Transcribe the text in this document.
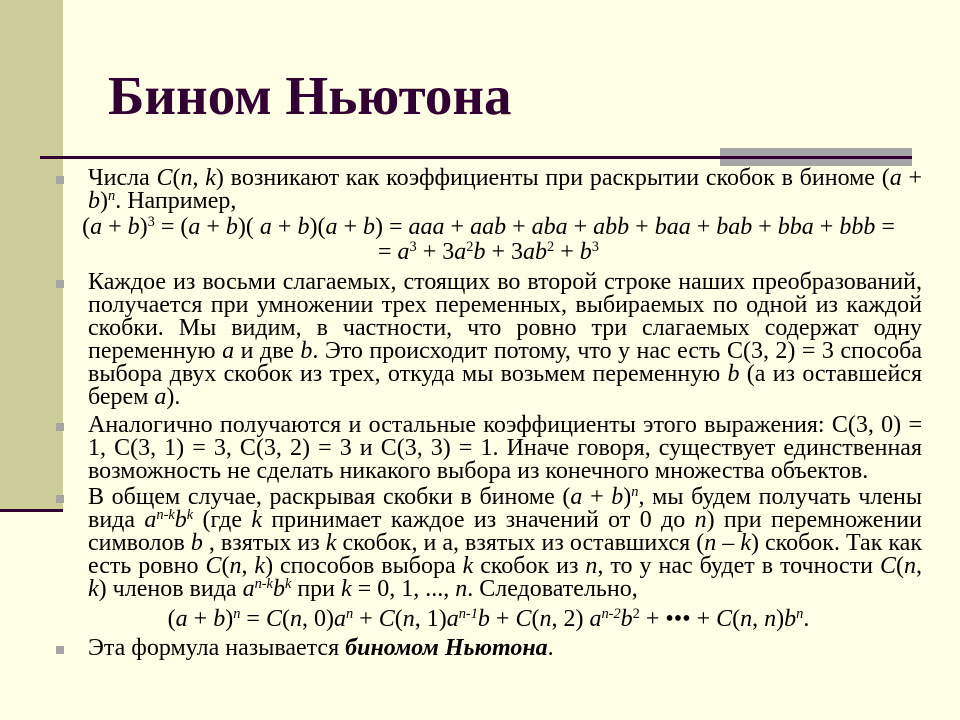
Бином Ньютона
Числа C(n, k) возникают как коэффициенты при раскрытии скобок в биноме $(a + b)^n$. Например,
$(a + b)^3 = (a + b)$( a + b)(a + b) = aaa + aab + aba + abb + baa + bab + bba + bbb =
= $a^3 + 3a^2b + 3ab^2 + b^3$
Каждое из восьми слагаемых, стоящих во второй строке наших преобразований, получается при умножении трех переменных, выбираемых по одной из каждой скобки. Мы видим, в частности, что ровно три слагаемых содержат одну переменную a и две b. Это происходит потому, что у нас есть С(3, 2) = 3 способа выбора двух скобок из трех, откуда мы возьмем переменную b (a из оставшейся берем a).
Аналогично получаются и остальные коэффициенты этого выражения: С(3, 0) = 1, С(3, 1) = 3, С(3, 2) = 3 и С(3, 3) = 1. Иначе говоря, существует единственная возможность не сделать никакого выбора из конечного множества объектов.
В общем случае, раскрывая скобки в биноме $(a + b)^n$, мы будем получать члены вида $a^{n-k}b^k$ (где k принимает каждое из значений от 0 до n) при перемножении символов b , взятых из k скобок, и a, взятых из оставшихся (n – k) скобок. Так как есть ровно C(n, k) способов выбора k скобок из n, то у нас будет в точности C(n, k) членов вида $a^{n-k}b^k$ при k = 0, 1, ..., n. Следовательно,
$(a + b)^n = C(n$, $0)a^n + C(n$, $1)a^{n-1}b + C(n$, 2) $a^{n-2}b^2$ + ••• + C(n, $n)b^n$.
Эта формула называется биномом Ньютона.
